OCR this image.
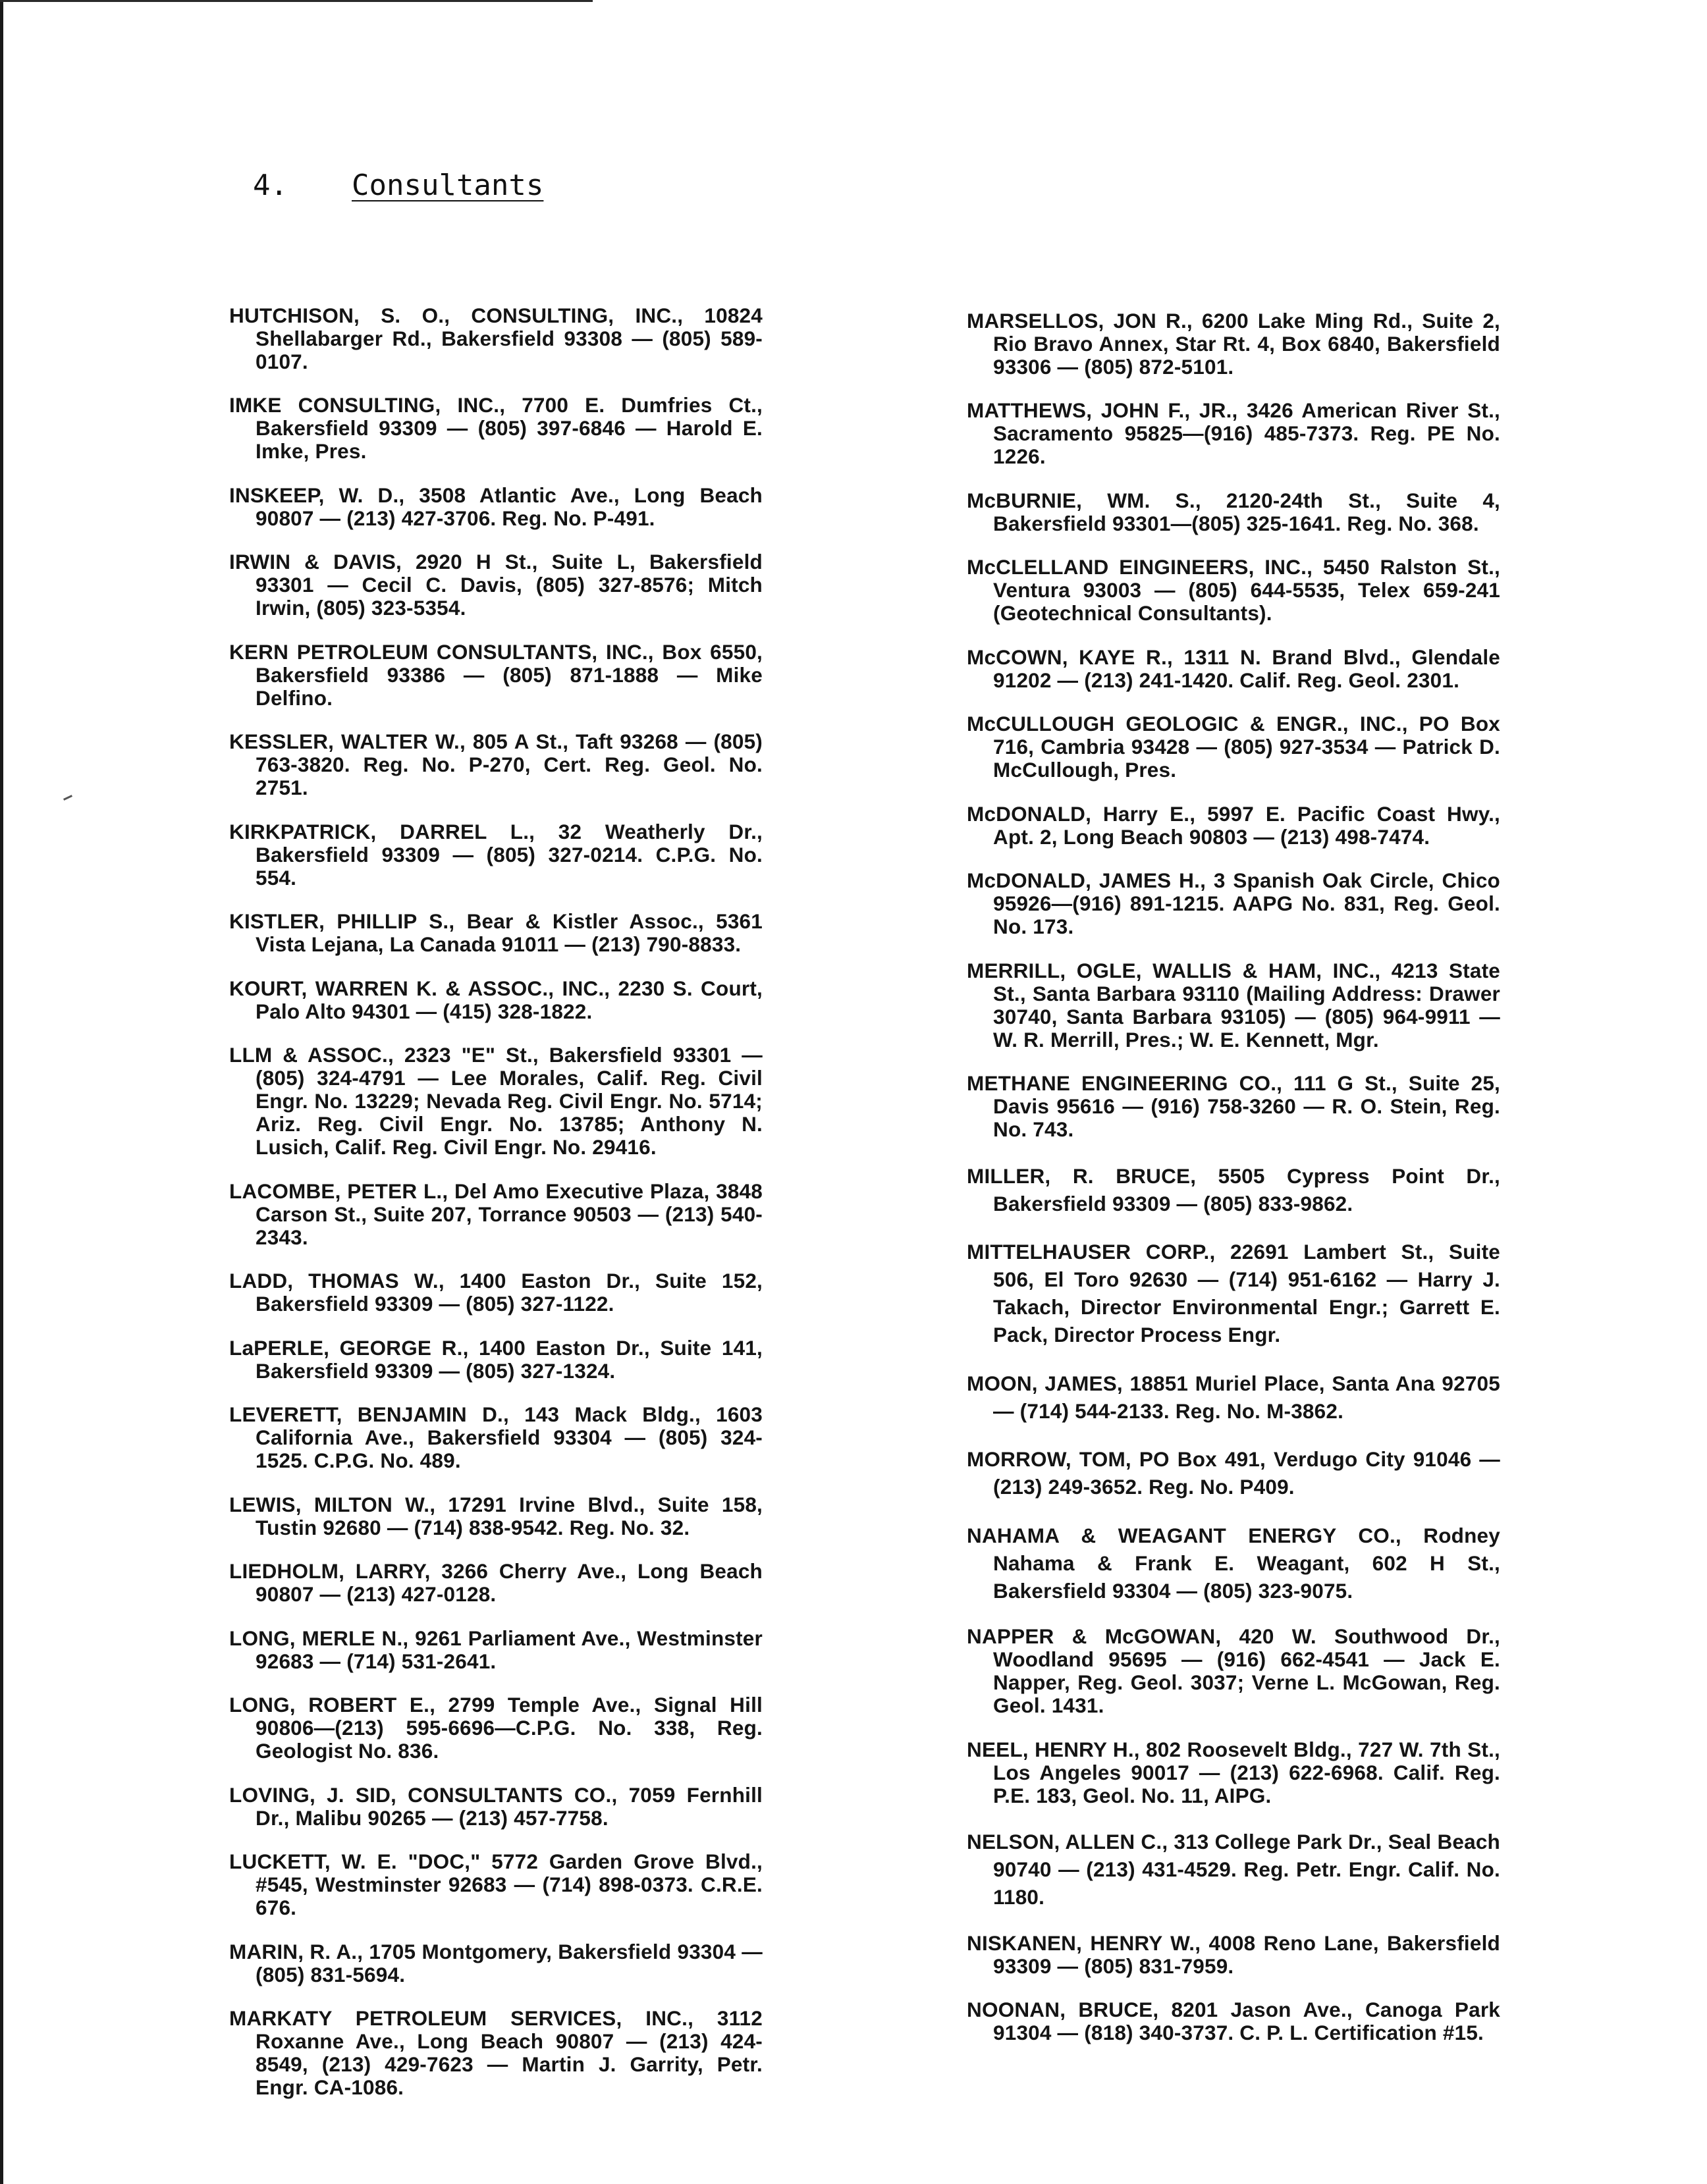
4.	Consultants

HUTCHISON, S. O., CONSULTING, INC., 10824 Shellabarger Rd., Bakersfield 93308 — (805) 589-0107.

IMKE CONSULTING, INC., 7700 E. Dumfries Ct., Bakersfield 93309 — (805) 397-6846 — Harold E. Imke, Pres.

INSKEEP, W. D., 3508 Atlantic Ave., Long Beach 90807 — (213) 427-3706. Reg. No. P-491.

IRWIN & DAVIS, 2920 H St., Suite L, Bakersfield 93301 — Cecil C. Davis, (805) 327-8576; Mitch Irwin, (805) 323-5354.

KERN PETROLEUM CONSULTANTS, INC., Box 6550, Bakersfield 93386 — (805) 871-1888 — Mike Delfino.

KESSLER, WALTER W., 805 A St., Taft 93268 — (805) 763-3820. Reg. No. P-270, Cert. Reg. Geol. No. 2751.

KIRKPATRICK, DARREL L., 32 Weatherly Dr., Bakersfield 93309 — (805) 327-0214. C.P.G. No. 554.

KISTLER, PHILLIP S., Bear & Kistler Assoc., 5361 Vista Lejana, La Canada 91011 — (213) 790-8833.

KOURT, WARREN K. & ASSOC., INC., 2230 S. Court, Palo Alto 94301 — (415) 328-1822.

LLM & ASSOC., 2323 "E" St., Bakersfield 93301 — (805) 324-4791 — Lee Morales, Calif. Reg. Civil Engr. No. 13229; Nevada Reg. Civil Engr. No. 5714; Ariz. Reg. Civil Engr. No. 13785; Anthony N. Lusich, Calif. Reg. Civil Engr. No. 29416.

LACOMBE, PETER L., Del Amo Executive Plaza, 3848 Carson St., Suite 207, Torrance 90503 — (213) 540-2343.

LADD, THOMAS W., 1400 Easton Dr., Suite 152, Bakersfield 93309 — (805) 327-1122.

LaPERLE, GEORGE R., 1400 Easton Dr., Suite 141, Bakersfield 93309 — (805) 327-1324.

LEVERETT, BENJAMIN D., 143 Mack Bldg., 1603 California Ave., Bakersfield 93304 — (805) 324-1525. C.P.G. No. 489.

LEWIS, MILTON W., 17291 Irvine Blvd., Suite 158, Tustin 92680 — (714) 838-9542. Reg. No. 32.

LIEDHOLM, LARRY, 3266 Cherry Ave., Long Beach 90807 — (213) 427-0128.

LONG, MERLE N., 9261 Parliament Ave., Westminster 92683 — (714) 531-2641.

LONG, ROBERT E., 2799 Temple Ave., Signal Hill 90806—(213) 595-6696—C.P.G. No. 338, Reg. Geologist No. 836.

LOVING, J. SID, CONSULTANTS CO., 7059 Fernhill Dr., Malibu 90265 — (213) 457-7758.

LUCKETT, W. E. "DOC," 5772 Garden Grove Blvd., #545, Westminster 92683 — (714) 898-0373. C.R.E. 676.

MARIN, R. A., 1705 Montgomery, Bakersfield 93304 — (805) 831-5694.

MARKATY PETROLEUM SERVICES, INC., 3112 Roxanne Ave., Long Beach 90807 — (213) 424-8549, (213) 429-7623 — Martin J. Garrity, Petr. Engr. CA-1086.

MARSELLOS, JON R., 6200 Lake Ming Rd., Suite 2, Rio Bravo Annex, Star Rt. 4, Box 6840, Bakersfield 93306 — (805) 872-5101.

MATTHEWS, JOHN F., JR., 3426 American River St., Sacramento 95825—(916) 485-7373. Reg. PE No. 1226.

McBURNIE, WM. S., 2120-24th St., Suite 4, Bakersfield 93301—(805) 325-1641. Reg. No. 368.

McCLELLAND EINGINEERS, INC., 5450 Ralston St., Ventura 93003 — (805) 644-5535, Telex 659-241 (Geotechnical Consultants).

McCOWN, KAYE R., 1311 N. Brand Blvd., Glendale 91202 — (213) 241-1420. Calif. Reg. Geol. 2301.

McCULLOUGH GEOLOGIC & ENGR., INC., PO Box 716, Cambria 93428 — (805) 927-3534 — Patrick D. McCullough, Pres.

McDONALD, Harry E., 5997 E. Pacific Coast Hwy., Apt. 2, Long Beach 90803 — (213) 498-7474.

McDONALD, JAMES H., 3 Spanish Oak Circle, Chico 95926—(916) 891-1215. AAPG No. 831, Reg. Geol. No. 173.

MERRILL, OGLE, WALLIS & HAM, INC., 4213 State St., Santa Barbara 93110 (Mailing Address: Drawer 30740, Santa Barbara 93105) — (805) 964-9911 — W. R. Merrill, Pres.; W. E. Kennett, Mgr.

METHANE ENGINEERING CO., 111 G St., Suite 25, Davis 95616 — (916) 758-3260 — R. O. Stein, Reg. No. 743.

MILLER, R. BRUCE, 5505 Cypress Point Dr., Bakersfield 93309 — (805) 833-9862.

MITTELHAUSER CORP., 22691 Lambert St., Suite 506, El Toro 92630 — (714) 951-6162 — Harry J. Takach, Director Environmental Engr.; Garrett E. Pack, Director Process Engr.

MOON, JAMES, 18851 Muriel Place, Santa Ana 92705 — (714) 544-2133. Reg. No. M-3862.

MORROW, TOM, PO Box 491, Verdugo City 91046 — (213) 249-3652. Reg. No. P409.

NAHAMA & WEAGANT ENERGY CO., Rodney Nahama & Frank E. Weagant, 602 H St., Bakersfield 93304 — (805) 323-9075.

NAPPER & McGOWAN, 420 W. Southwood Dr., Woodland 95695 — (916) 662-4541 — Jack E. Napper, Reg. Geol. 3037; Verne L. McGowan, Reg. Geol. 1431.

NEEL, HENRY H., 802 Roosevelt Bldg., 727 W. 7th St., Los Angeles 90017 — (213) 622-6968. Calif. Reg. P.E. 183, Geol. No. 11, AIPG.

NELSON, ALLEN C., 313 College Park Dr., Seal Beach 90740 — (213) 431-4529. Reg. Petr. Engr. Calif. No. 1180.

NISKANEN, HENRY W., 4008 Reno Lane, Bakersfield 93309 — (805) 831-7959.

NOONAN, BRUCE, 8201 Jason Ave., Canoga Park 91304 — (818) 340-3737. C. P. L. Certification #15.
